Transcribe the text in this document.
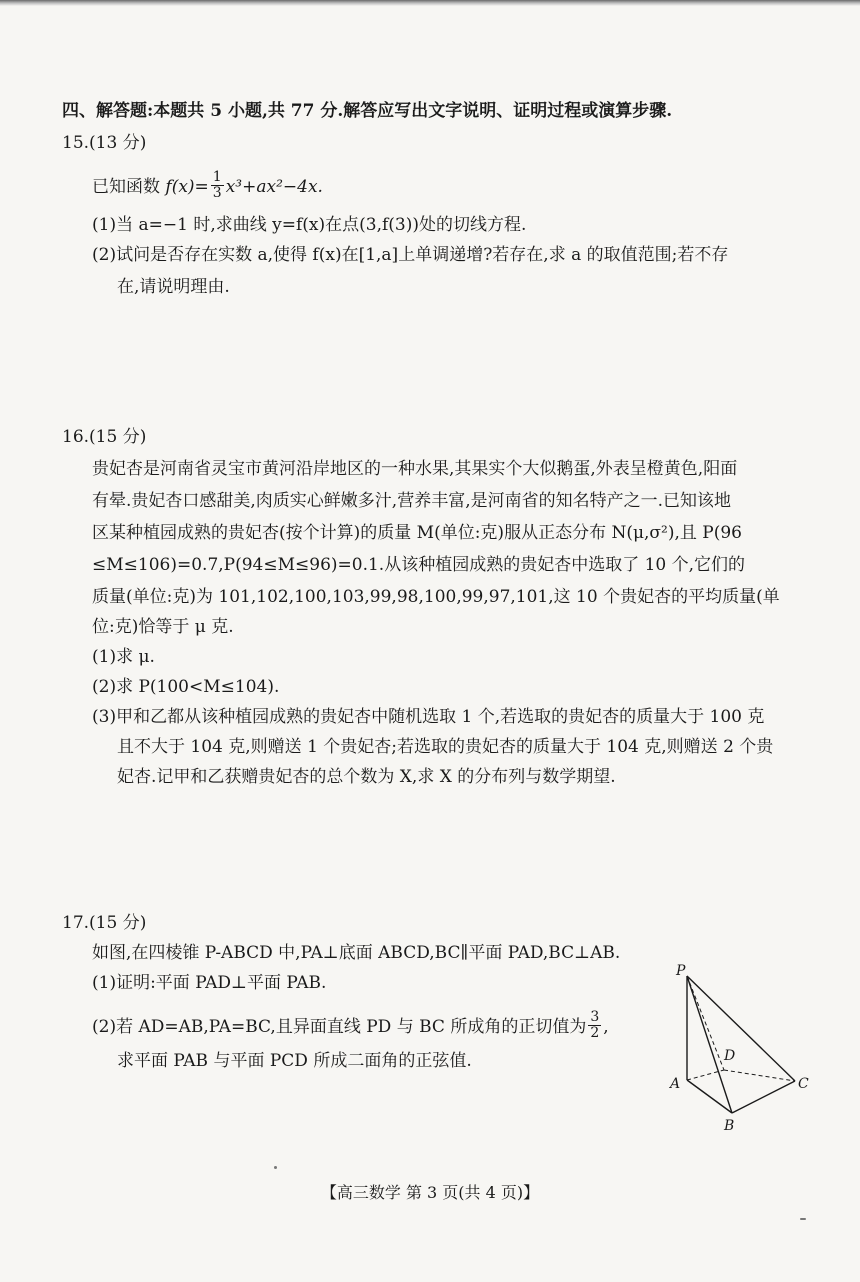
四、解答题:本题共 5 小题,共 77 分.解答应写出文字说明、证明过程或演算步骤.
15.(13 分)
已知函数 $f(x)= \frac{1}{3} x^3+ax^2-4x$.
(1)当 a=−1 时,求曲线 y=f(x)在点(3,f(3))处的切线方程.
(2)试问是否存在实数 a,使得 f(x)在[1,a]上单调递增?若存在,求 a 的取值范围;若不存
在,请说明理由.
16.(15 分)
贵妃杏是河南省灵宝市黄河沿岸地区的一种水果,其果实个大似鹅蛋,外表呈橙黄色,阳面
有晕.贵妃杏口感甜美,肉质实心鲜嫩多汁,营养丰富,是河南省的知名特产之一.已知该地
区某种植园成熟的贵妃杏(按个计算)的质量 M(单位:克)服从正态分布 N(μ,σ²),且 P(96
≤M≤106)=0.7,P(94≤M≤96)=0.1.从该种植园成熟的贵妃杏中选取了 10 个,它们的
质量(单位:克)为 101,102,100,103,99,98,100,99,97,101,这 10 个贵妃杏的平均质量(单
位:克)恰等于 μ 克.
(1)求 μ.
(2)求 P(100<M≤104).
(3)甲和乙都从该种植园成熟的贵妃杏中随机选取 1 个,若选取的贵妃杏的质量大于 100 克
且不大于 104 克,则赠送 1 个贵妃杏;若选取的贵妃杏的质量大于 104 克,则赠送 2 个贵
妃杏.记甲和乙获赠贵妃杏的总个数为 X,求 X 的分布列与数学期望.
17.(15 分)
如图,在四棱锥 P-ABCD 中,PA⊥底面 ABCD,BC∥平面 PAD,BC⊥AB.
(1)证明:平面 PAD⊥平面 PAB.
(2)若 AD=AB,PA=BC,且异面直线 PD 与 BC 所成角的正切值为 $\frac{3}{2}$ ,
求平面 PAB 与平面 PCD 所成二面角的正弦值.
P
A
B
C
D
【高三数学 第 3 页(共 4 页)】
